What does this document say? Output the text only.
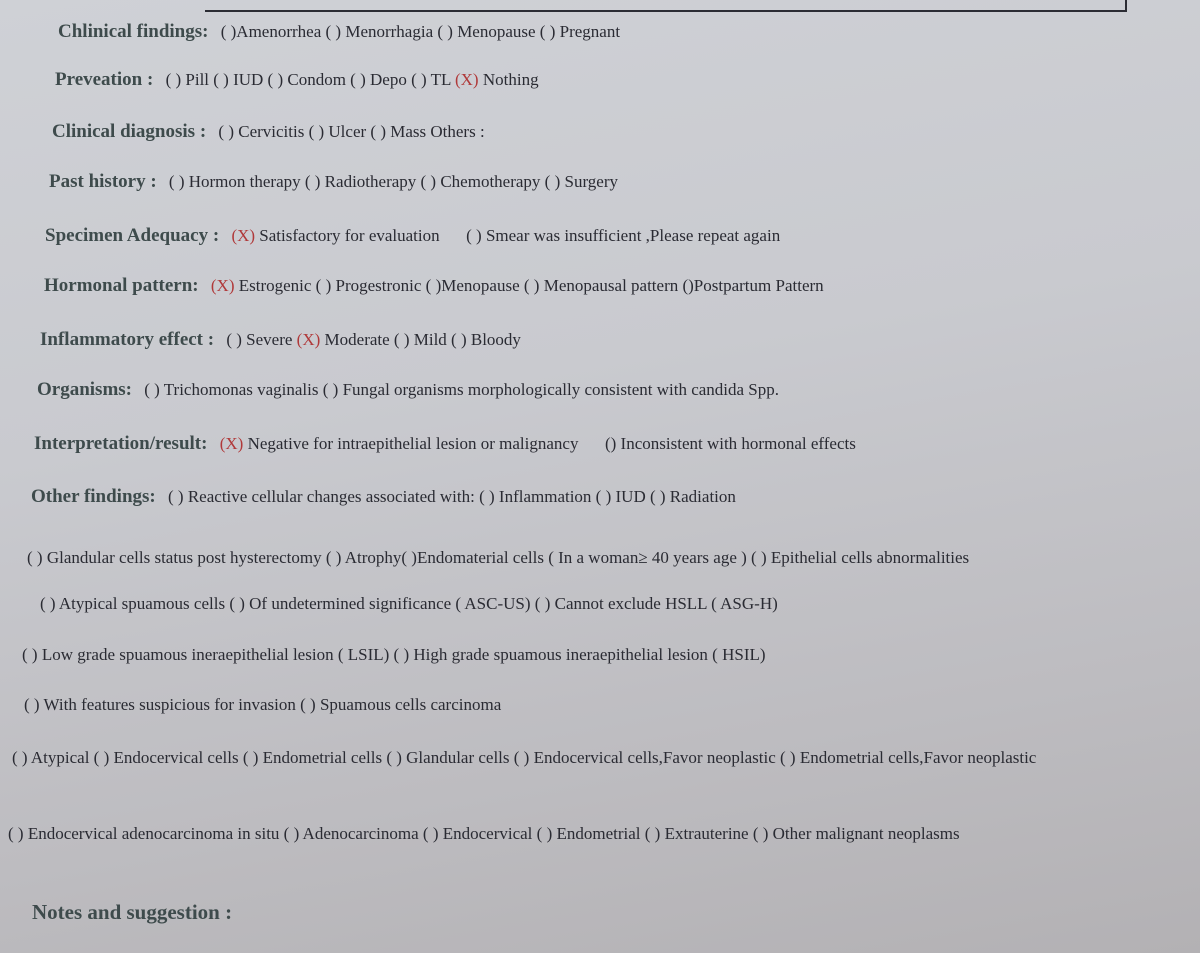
Chlinical findings: ( )Amenorrhea ( ) Menorrhagia ( ) Menopause ( ) Pregnant
Preveation : ( ) Pill ( ) IUD ( ) Condom ( ) Depo ( ) TL (X) Nothing
Clinical diagnosis : ( ) Cervicitis ( ) Ulcer ( ) Mass Others :
Past history : ( ) Hormon therapy ( ) Radiotherapy ( ) Chemotherapy ( ) Surgery
Specimen Adequacy : (X) Satisfactory for evaluation ( ) Smear was insufficient ,Please repeat again
Hormonal pattern: (X) Estrogenic ( ) Progestronic ( )Menopause ( ) Menopausal pattern ()Postpartum Pattern
Inflammatory effect : ( ) Severe (X) Moderate ( ) Mild ( ) Bloody
Organisms: ( ) Trichomonas vaginalis ( ) Fungal organisms morphologically consistent with candida Spp.
Interpretation/result: (X) Negative for intraepithelial lesion or malignancy () Inconsistent with hormonal effects
Other findings: ( ) Reactive cellular changes associated with: ( ) Inflammation ( ) IUD ( ) Radiation
( ) Glandular cells status post hysterectomy ( ) Atrophy( )Endomaterial cells ( In a woman≥ 40 years age ) ( ) Epithelial cells abnormalities
( ) Atypical spuamous cells ( ) Of undetermined significance ( ASC-US) ( ) Cannot exclude HSLL ( ASG-H)
( ) Low grade spuamous ineraepithelial lesion ( LSIL) ( ) High grade spuamous ineraepithelial lesion ( HSIL)
( ) With features suspicious for invasion ( ) Spuamous cells carcinoma
( ) Atypical ( ) Endocervical cells ( ) Endometrial cells ( ) Glandular cells ( ) Endocervical cells,Favor neoplastic ( ) Endometrial cells,Favor neoplastic
( ) Endocervical adenocarcinoma in situ ( ) Adenocarcinoma ( ) Endocervical ( ) Endometrial ( ) Extrauterine ( ) Other malignant neoplasms
Notes and suggestion :
